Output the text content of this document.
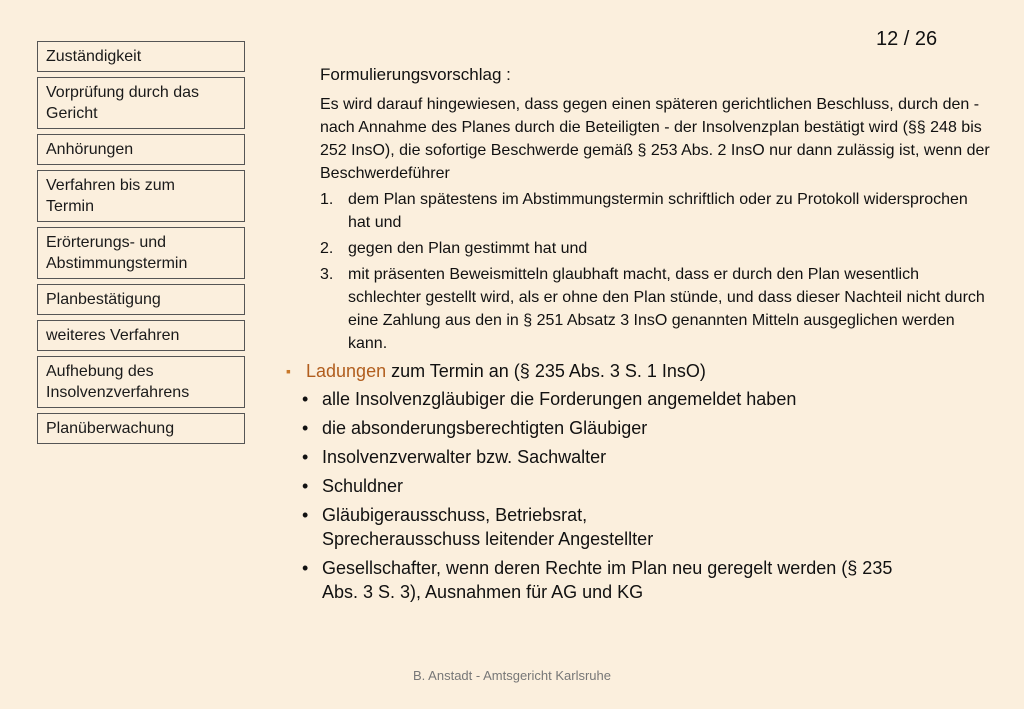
Zuständigkeit
Vorprüfung durch das Gericht
Anhörungen
Verfahren bis zum Termin
Erörterungs- und Abstimmungstermin
Planbestätigung
weiteres Verfahren
Aufhebung des Insolvenzverfahrens
Planüberwachung
12 / 26
Formulierungsvorschlag :
Es wird darauf hingewiesen, dass gegen einen späteren gerichtlichen Beschluss, durch den - nach Annahme des Planes durch die Beteiligten - der Insolvenzplan bestätigt wird (§§ 248 bis 252 InsO), die sofortige Beschwerde gemäß § 253 Abs. 2 InsO nur dann zulässig ist, wenn der Beschwerdeführer
1. dem Plan spätestens im Abstimmungstermin schriftlich oder zu Protokoll widersprochen hat und
2. gegen den Plan gestimmt hat und
3. mit präsenten Beweismitteln glaubhaft macht, dass er durch den Plan wesentlich schlechter gestellt wird, als er ohne den Plan stünde, und dass dieser Nachteil nicht durch eine Zahlung aus den in § 251 Absatz 3 InsO genannten Mitteln ausgeglichen werden kann.
▪ Ladungen zum Termin an (§ 235 Abs. 3 S. 1 InsO)
• alle Insolvenzgläubiger die Forderungen angemeldet haben
• die absonderungsberechtigten Gläubiger
• Insolvenzverwalter bzw. Sachwalter
• Schuldner
• Gläubigerausschuss, Betriebsrat, Sprecherausschuss leitender Angestellter
• Gesellschafter, wenn deren Rechte im Plan neu geregelt werden (§ 235 Abs. 3 S. 3), Ausnahmen für AG und KG
B. Anstadt - Amtsgericht Karlsruhe
